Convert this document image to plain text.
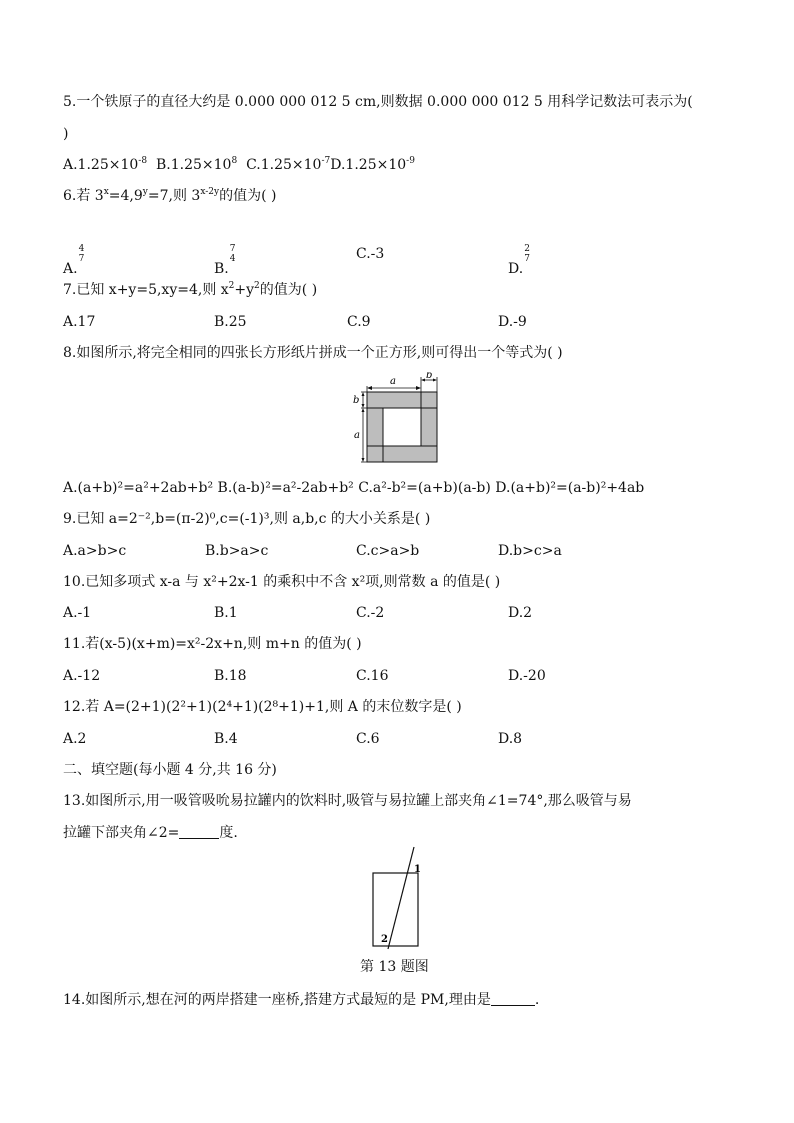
5.一个铁原子的直径大约是 0.000 000 012 5 cm,则数据 0.000 000 012 5 用科学记数法可表示为(
)
$A.1.25\times 10^{-8}$ $B.1.25\times 10^8$ $C.1.25\times 10^{-7}D.1.25\times 10^{-9}$
6.若 $3^x=4,9^y=7$,则 $3^{x-2y}$的值为( )
A.
4
7
B.
7
4	C.-3
D.
2
7
7.已知 x+y=5,xy=4,则 $x^2+y^2$的值为( )
A.17	B.25	C.9	D.-9
8.如图所示,将完全相同的四张长方形纸片拼成一个正方形,则可得出一个等式为( )
a
b
b
a
A.(a+b)²=a²+2ab+b² B.(a-b)²=a²-2ab+b² C.a²-b²=(a+b)(a-b) D.(a+b)²=(a-b)²+4ab
9.已知 a=2⁻²,b=(π-2)⁰,c=(-1)³,则 a,b,c 的大小关系是( )
A.a>b>c	B.b>a>c	C.c>a>b	D.b>c>a
10.已知多项式 x-a 与 x²+2x-1 的乘积中不含 x²项,则常数 a 的值是( )
A.-1	B.1	C.-2	D.2
11.若(x-5)(x+m)=x²-2x+n,则 m+n 的值为( )
A.-12	B.18	C.16	D.-20
12.若 A=(2+1)(2²+1)(2⁴+1)(2⁸+1)+1,则 A 的末位数字是( )
A.2	B.4	C.6	D.8
二、填空题(每小题 4 分,共 16 分)
13.如图所示,用一吸管吸吮易拉罐内的饮料时,吸管与易拉罐上部夹角∠1=74°,那么吸管与易
拉罐下部夹角∠2=	度.
1
2
第 13 题图
14.如图所示,想在河的两岸搭建一座桥,搭建方式最短的是 PM,理由是	.
